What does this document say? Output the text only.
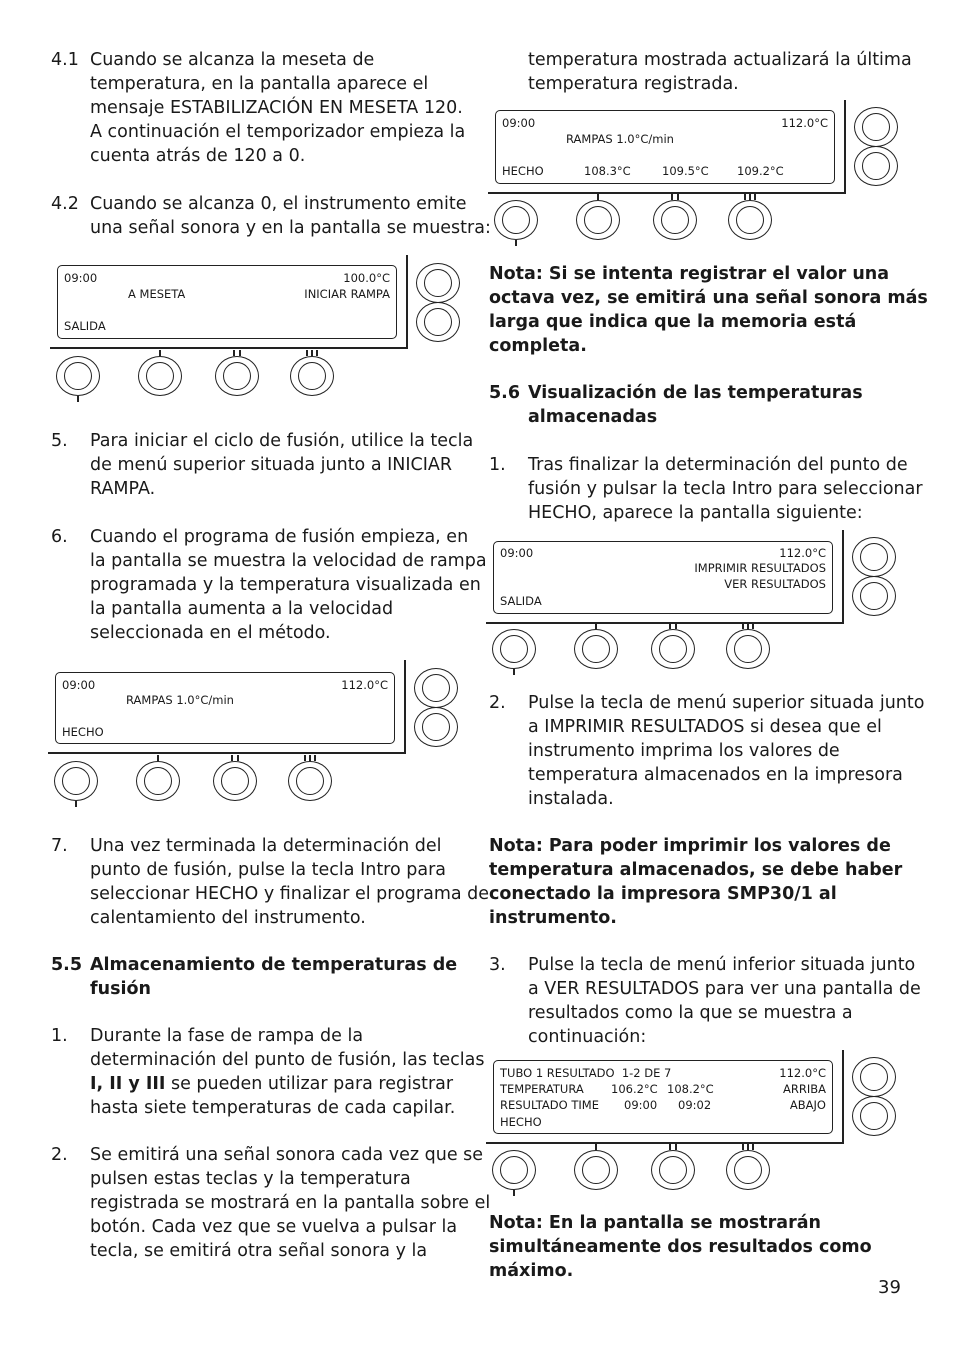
4.1 Cuando se alcanza la meseta de
temperatura, en la pantalla aparece el
mensaje ESTABILIZACIÓN EN MESETA 120.
A continuación el temporizador empieza la
cuenta atrás de 120 a 0.
4.2 Cuando se alcanza 0, el instrumento emite
una señal sonora y en la pantalla se muestra:
09:00	100.0°C
A MESETA	INICIAR RAMPA
SALIDA
5. Para iniciar el ciclo de fusión, utilice la tecla
de menú superior situada junto a INICIAR
RAMPA.
6. Cuando el programa de fusión empieza, en
la pantalla se muestra la velocidad de rampa
programada y la temperatura visualizada en
la pantalla aumenta a la velocidad
seleccionada en el método.
09:00	112.0°C
RAMPAS 1.0°C/min
HECHO
7. Una vez terminada la determinación del
punto de fusión, pulse la tecla Intro para
seleccionar HECHO y finalizar el programa de
calentamiento del instrumento.
5.5 Almacenamiento de temperaturas de
fusión
1. Durante la fase de rampa de la
determinación del punto de fusión, las teclas
I, II y III se pueden utilizar para registrar
hasta siete temperaturas de cada capilar.
2. Se emitirá una señal sonora cada vez que se
pulsen estas teclas y la temperatura
registrada se mostrará en la pantalla sobre el
botón. Cada vez que se vuelva a pulsar la
tecla, se emitirá otra señal sonora y la
temperatura mostrada actualizará la última
temperatura registrada.
09:00	112.0°C
RAMPAS 1.0°C/min
HECHO	108.3°C	109.5°C 109.2°C
Nota: Si se intenta registrar el valor una
octava vez, se emitirá una señal sonora más
larga que indica que la memoria está
completa.
5.6 Visualización de las temperaturas
almacenadas
1. Tras finalizar la determinación del punto de
fusión y pulsar la tecla Intro para seleccionar
HECHO, aparece la pantalla siguiente:
09:00	112.0°C
IMPRIMIR RESULTADOS
VER RESULTADOS
SALIDA
2. Pulse la tecla de menú superior situada junto
a IMPRIMIR RESULTADOS si desea que el
instrumento imprima los valores de
temperatura almacenados en la impresora
instalada.
Nota: Para poder imprimir los valores de
temperatura almacenados, se debe haber
conectado la impresora SMP30/1 al
instrumento.
3. Pulse la tecla de menú inferior situada junto
a VER RESULTADOS para ver una pantalla de
resultados como la que se muestra a
continuación:
TUBO 1 RESULTADO  1-2 DE 7	112.0°C
TEMPERATURA 106.2°C 108.2°C	ARRIBA
RESULTADO TIME 09:00 09:02	ABAJO
HECHO
Nota: En la pantalla se mostrarán
simultáneamente dos resultados como
máximo.
39
